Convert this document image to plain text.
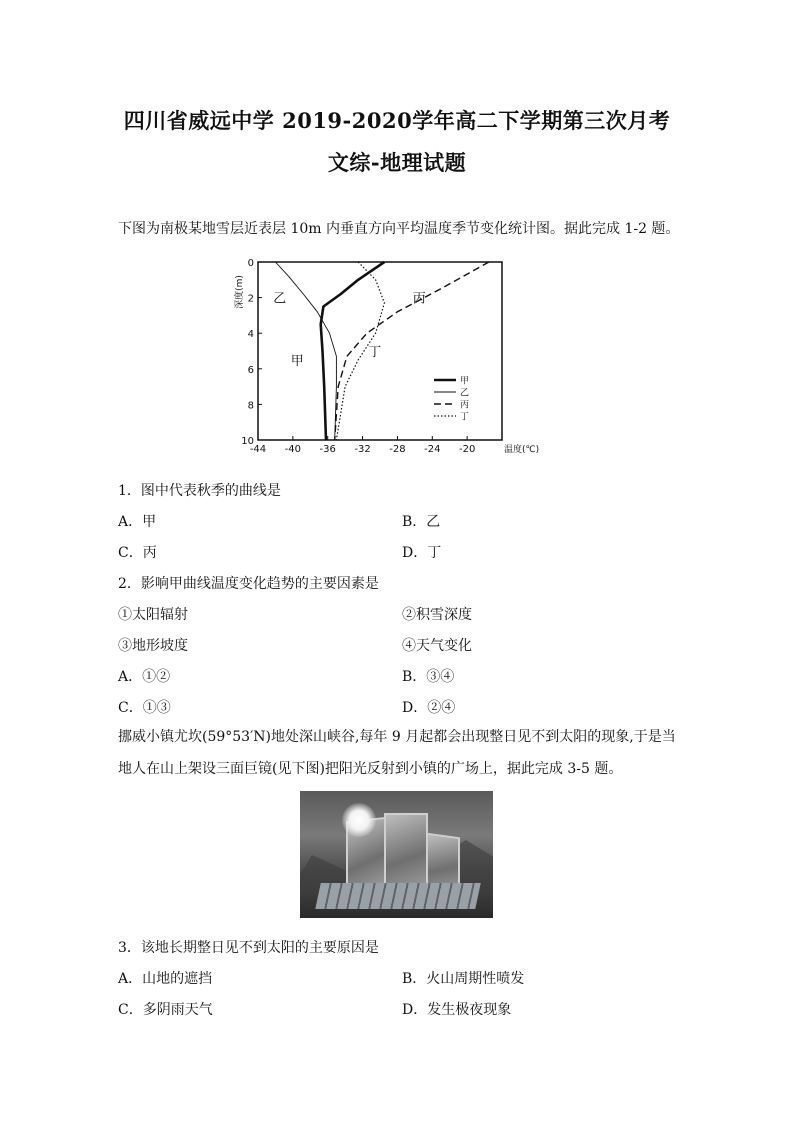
四川省威远中学 2019-2020学年高二下学期第三次月考
文综-地理试题
下图为南极某地雪层近表层 10m 内垂直方向平均温度季节变化统计图。据此完成 1-2 题。
-44 -40 -36 -32 -28 -24 -20
0
2
4
6
8
10
温度(℃)
深度(m) 乙	丙
丁
甲
甲
乙
丙
丁
1．图中代表秋季的曲线是
A．甲	B．乙
C．丙	D．丁
2．影响甲曲线温度变化趋势的主要因素是
①太阳辐射	②积雪深度
③地形坡度	④天气变化
A．①②	B．③④
C．①③	D．②④
挪威小镇尤坎(59°53′N)地处深山峡谷,每年 9 月起都会出现整日见不到太阳的现象,于是当地人在山上架设三面巨镜(见下图)把阳光反射到小镇的广场上，据此完成 3-5 题。
3．该地长期整日见不到太阳的主要原因是
A．山地的遮挡	B．火山周期性喷发
C．多阴雨天气	D．发生极夜现象
